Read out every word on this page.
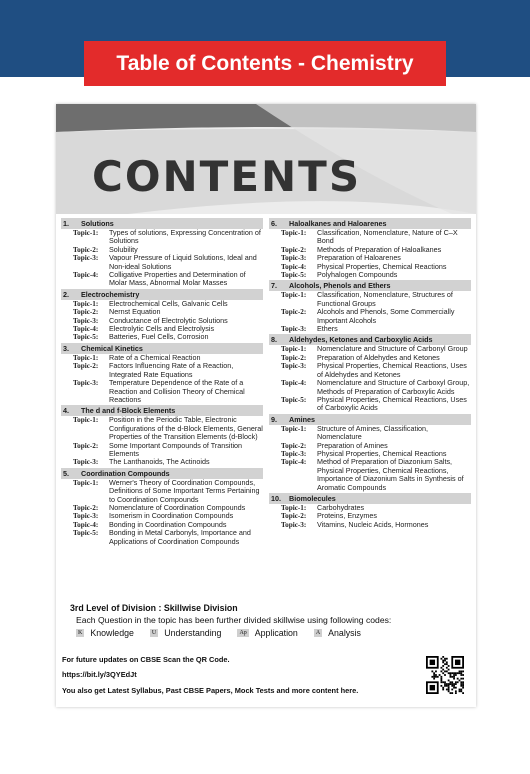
Table of Contents - Chemistry
CONTENTS
1.	Solutions
Topic-1:	Types of solutions, Expressing Concentration of Solutions
Topic-2:	Solubility
Topic-3:	Vapour Pressure of Liquid Solutions, Ideal and Non-ideal Solutions
Topic-4:	Colligative Properties and Determination of Molar Mass, Abnormal Molar Masses
2.	Electrochemistry
Topic-1:	Electrochemical Cells, Galvanic Cells
Topic-2:	Nernst Equation
Topic-3:	Conductance of Electrolytic Solutions
Topic-4:	Electrolytic Cells and Electrolysis
Topic-5:	Batteries, Fuel Cells, Corrosion
3.	Chemical Kinetics
Topic-1:	Rate of a Chemical Reaction
Topic-2:	Factors Influencing Rate of a Reaction, Integrated Rate Equations
Topic-3:	Temperature Dependence of the Rate of a Reaction and Collision Theory of Chemical Reactions
4.	The d and f-Block Elements
Topic-1:	Position in the Periodic Table, Electronic Configurations of the d-Block Elements, General Properties of the Transition Elements (d-Block)
Topic-2:	Some Important Compounds of Transition Elements
Topic-3:	The Lanthanoids, The Actinoids
5.	Coordination Compounds
Topic-1:	Werner's Theory of Coordination Compounds, Definitions of Some Important Terms Pertaining to Coordination Compounds
Topic-2:	Nomenclature of Coordination Compounds
Topic-3:	Isomerism in Coordination Compounds
Topic-4:	Bonding in Coordination Compounds
Topic-5:	Bonding in Metal Carbonyls, Importance and Applications of Coordination Compounds
6.	Haloalkanes and Haloarenes
Topic-1:	Classification, Nomenclature, Nature of C–X Bond
Topic-2:	Methods of Preparation of Haloalkanes
Topic-3:	Preparation of Haloarenes
Topic-4:	Physical Properties, Chemical Reactions
Topic-5:	Polyhalogen Compounds
7.	Alcohols, Phenols and Ethers
Topic-1:	Classification, Nomenclature, Structures of Functional Groups
Topic-2:	Alcohols and Phenols, Some Commercially Important Alcohols
Topic-3:	Ethers
8.	Aldehydes, Ketones and Carboxylic Acids
Topic-1:	Nomenclature and Structure of Carbonyl Group
Topic-2:	Preparation of Aldehydes and Ketones
Topic-3:	Physical Properties, Chemical Reactions, Uses of Aldehydes and Ketones
Topic-4:	Nomenclature and Structure of Carboxyl Group, Methods of Preparation of Carboxylic Acids
Topic-5:	Physical Properties, Chemical Reactions, Uses of Carboxylic Acids
9.	Amines
Topic-1:	Structure of Amines, Classification, Nomenclature
Topic-2:	Preparation of Amines
Topic-3:	Physical Properties, Chemical Reactions
Topic-4:	Method of Preparation of Diazonium Salts, Physical Properties, Chemical Reactions, Importance of Diazonium Salts in Synthesis of Aromatic Compounds
10.	Biomolecules
Topic-1:	Carbohydrates
Topic-2:	Proteins, Enzymes
Topic-3:	Vitamins, Nucleic Acids, Hormones
3rd Level of Division : Skillwise Division
Each Question in the topic has been further divided skillwise using following codes:
K Knowledge	U Understanding	Ap Application	A Analysis
For future updates on CBSE Scan the QR Code.
https://bit.ly/3QYEdJt
You also get Latest Syllabus, Past CBSE Papers, Mock Tests and more content here.
